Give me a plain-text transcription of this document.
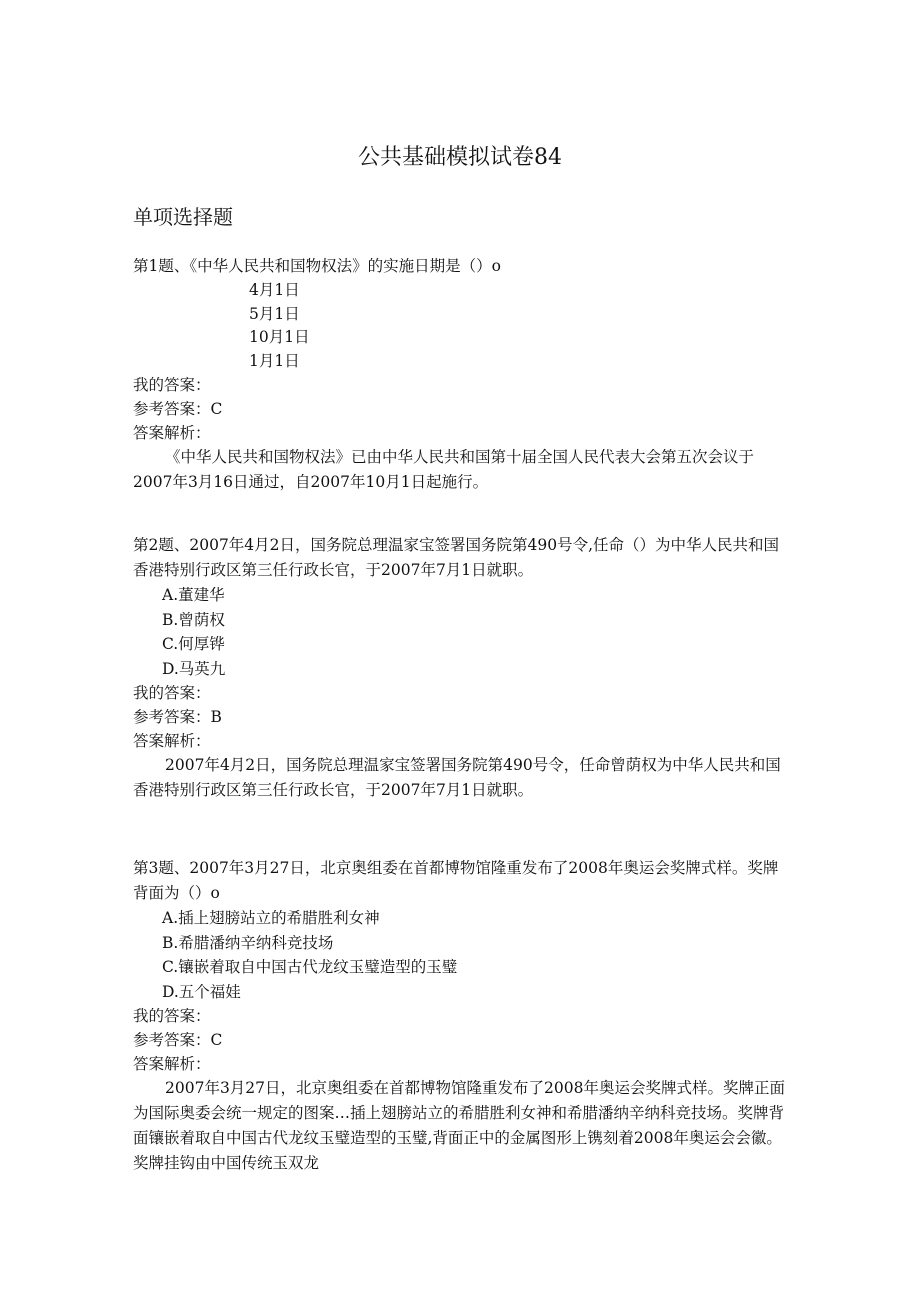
公共基础模拟试卷84
单项选择题

第1题、《中华人民共和国物权法》的实施日期是（）o

4月1日

5月1日

10月1日

1月1日

我的答案：

参考答案：C

答案解析：

《中华人民共和国物权法》已由中华人民共和国第十届全国人民代表大会第五次会议于2007年3月16日通过，自2007年10月1日起施行。

第2题、2007年4月2日，国务院总理温家宝签署国务院第490号令,任命（）为中华人民共和国香港特别行政区第三任行政长官，于2007年7月1日就职。

A.董建华

B.曾荫权

C.何厚铧

D.马英九

我的答案：

参考答案：B

答案解析：

2007年4月2日，国务院总理温家宝签署国务院第490号令，任命曾荫权为中华人民共和国香港特别行政区第三任行政长官，于2007年7月1日就职。

第3题、2007年3月27日，北京奥组委在首都博物馆隆重发布了2008年奥运会奖牌式样。奖牌背面为（）o

A.插上翅膀站立的希腊胜利女神

B.希腊潘纳辛纳科竞技场

C.镶嵌着取自中国古代龙纹玉璧造型的玉璧

D.五个福娃

我的答案：

参考答案：C

答案解析：

2007年3月27日，北京奥组委在首都博物馆隆重发布了2008年奥运会奖牌式样。奖牌正面为国际奥委会统一规定的图案…插上翅膀站立的希腊胜利女神和希腊潘纳辛纳科竞技场。奖牌背面镶嵌着取自中国古代龙纹玉璧造型的玉璧,背面正中的金属图形上镌刻着2008年奥运会会徽。奖牌挂钩由中国传统玉双龙
